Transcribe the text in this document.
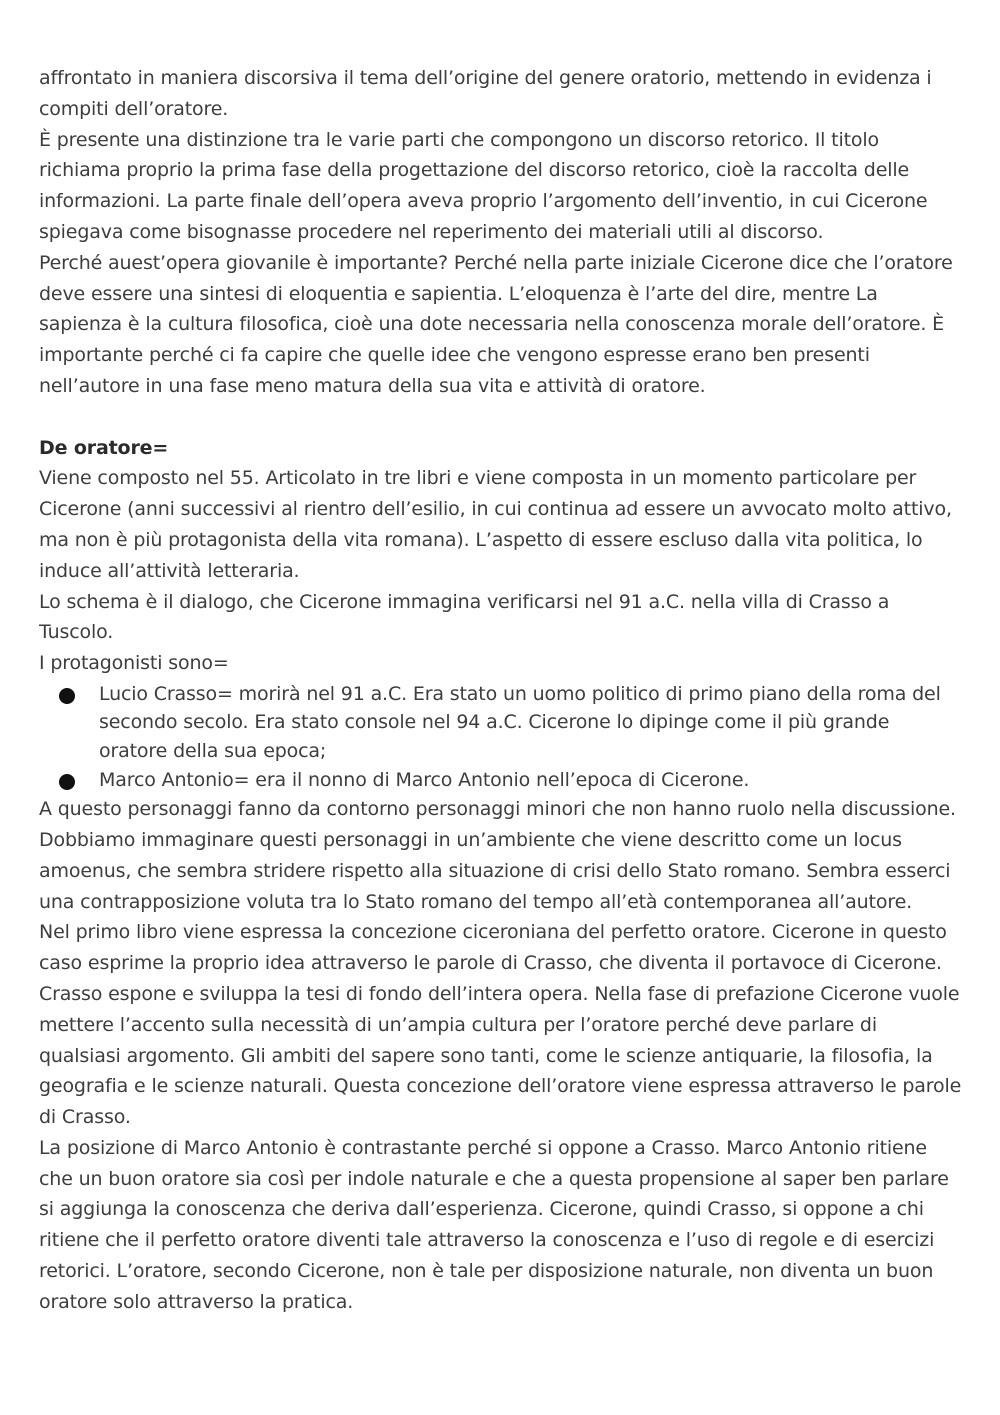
affrontato in maniera discorsiva il tema dell’origine del genere oratorio, mettendo in evidenza i compiti dell’oratore.

È presente una distinzione tra le varie parti che compongono un discorso retorico. Il titolo richiama proprio la prima fase della progettazione del discorso retorico, cioè la raccolta delle informazioni. La parte finale dell’opera aveva proprio l’argomento dell’inventio, in cui Cicerone spiegava come bisognasse procedere nel reperimento dei materiali utili al discorso.

Perché auest’opera giovanile è importante? Perché nella parte iniziale Cicerone dice che l’oratore deve essere una sintesi di eloquentia e sapientia. L’eloquenza è l’arte del dire, mentre La sapienza è la cultura filosofica, cioè una dote necessaria nella conoscenza morale dell’oratore. È importante perché ci fa capire che quelle idee che vengono espresse erano ben presenti nell’autore in una fase meno matura della sua vita e attività di oratore.

De oratore=

Viene composto nel 55. Articolato in tre libri e viene composta in un momento particolare per Cicerone (anni successivi al rientro dell’esilio, in cui continua ad essere un avvocato molto attivo, ma non è più protagonista della vita romana). L’aspetto di essere escluso dalla vita politica, lo induce all’attività letteraria.

Lo schema è il dialogo, che Cicerone immagina verificarsi nel 91 a.C. nella villa di Crasso a Tuscolo.

I protagonisti sono=

Lucio Crasso= morirà nel 91 a.C. Era stato un uomo politico di primo piano della roma del secondo secolo. Era stato console nel 94 a.C. Cicerone lo dipinge come il più grande oratore della sua epoca;
Marco Antonio= era il nonno di Marco Antonio nell’epoca di Cicerone.

A questo personaggi fanno da contorno personaggi minori che non hanno ruolo nella discussione.

Dobbiamo immaginare questi personaggi in un’ambiente che viene descritto come un locus amoenus, che sembra stridere rispetto alla situazione di crisi dello Stato romano. Sembra esserci una contrapposizione voluta tra lo Stato romano del tempo all’età contemporanea all’autore.

Nel primo libro viene espressa la concezione ciceroniana del perfetto oratore. Cicerone in questo caso esprime la proprio idea attraverso le parole di Crasso, che diventa il portavoce di Cicerone. Crasso espone e sviluppa la tesi di fondo dell’intera opera. Nella fase di prefazione Cicerone vuole mettere l’accento sulla necessità di un’ampia cultura per l’oratore perché deve parlare di qualsiasi argomento. Gli ambiti del sapere sono tanti, come le scienze antiquarie, la filosofia, la geografia e le scienze naturali. Questa concezione dell’oratore viene espressa attraverso le parole di Crasso.

La posizione di Marco Antonio è contrastante perché si oppone a Crasso. Marco Antonio ritiene che un buon oratore sia così per indole naturale e che a questa propensione al saper ben parlare si aggiunga la conoscenza che deriva dall’esperienza. Cicerone, quindi Crasso, si oppone a chi ritiene che il perfetto oratore diventi tale attraverso la conoscenza e l’uso di regole e di esercizi retorici. L’oratore, secondo Cicerone, non è tale per disposizione naturale, non diventa un buon oratore solo attraverso la pratica.
